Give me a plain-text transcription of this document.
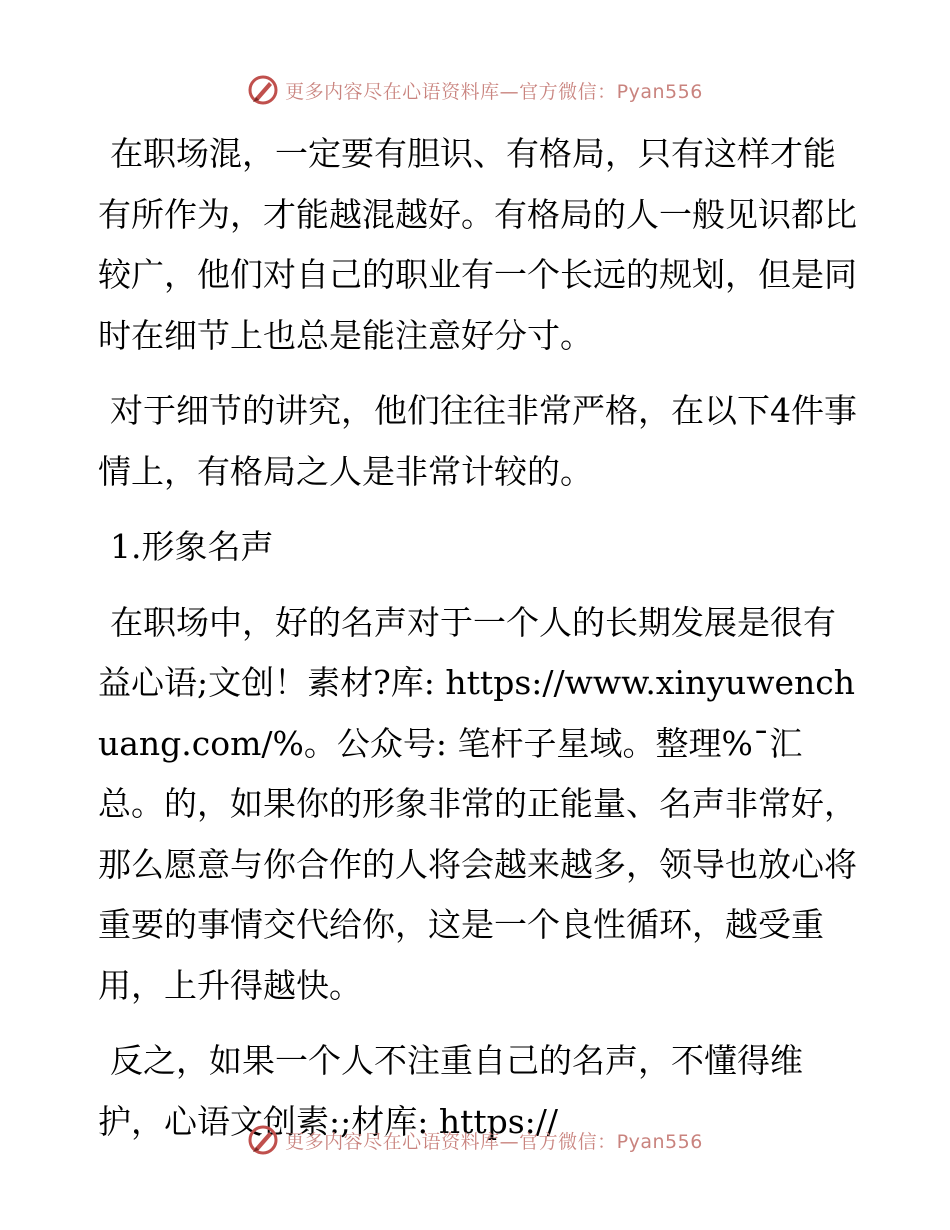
更多内容尽在心语资料库—官方微信：Pyan556

在职场混，一定要有胆识、有格局，只有这样才能有所作为，才能越混越好。有格局的人一般见识都比较广，他们对自己的职业有一个长远的规划，但是同时在细节上也总是能注意好分寸。

对于细节的讲究，他们往往非常严格，在以下4件事情上，有格局之人是非常计较的。

1.形象名声

在职场中，好的名声对于一个人的长期发展是很有益心语;文创！素材?库: https://www.xinyuwenchuang.com/%。公众号: 笔杆子星域。整理%¯汇总。的，如果你的形象非常的正能量、名声非常好，那么愿意与你合作的人将会越来越多，领导也放心将重要的事情交代给你，这是一个良性循环，越受重用，上升得越快。

反之，如果一个人不注重自己的名声，不懂得维护，心语文创素:;材库: https://

更多内容尽在心语资料库—官方微信：Pyan556
